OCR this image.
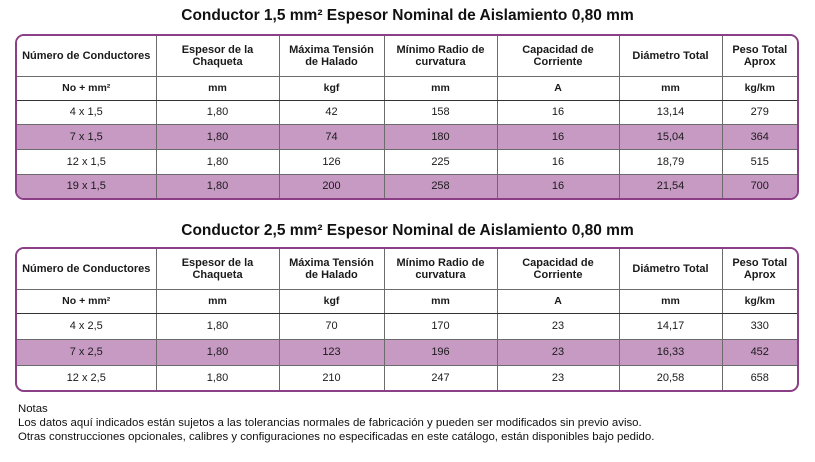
Conductor 1,5 mm² Espesor Nominal de Aislamiento 0,80 mm
Número de Conductores	Espesor de la Chaqueta	Máxima Tensión de Halado	Mínimo Radio de curvatura	Capacidad de Corriente	Diámetro Total	Peso Total Aprox
No + mm²	mm	kgf	mm	A	mm	kg/km
4 x 1,5	1,80	42	158	16	13,14	279
7 x 1,5	1,80	74	180	16	15,04	364
12 x 1,5	1,80	126	225	16	18,79	515
19 x 1,5	1,80	200	258	16	21,54	700
Conductor 2,5 mm² Espesor Nominal de Aislamiento 0,80 mm
Número de Conductores	Espesor de la Chaqueta	Máxima Tensión de Halado	Mínimo Radio de curvatura	Capacidad de Corriente	Diámetro Total	Peso Total Aprox
No + mm²	mm	kgf	mm	A	mm	kg/km
4 x 2,5	1,80	70	170	23	14,17	330
7 x 2,5	1,80	123	196	23	16,33	452
12 x 2,5	1,80	210	247	23	20,58	658
Notas
Los datos aquí indicados están sujetos a las tolerancias normales de fabricación y pueden ser modificados sin previo aviso.
Otras construcciones opcionales, calibres y configuraciones no especificadas en este catálogo, están disponibles bajo pedido.
